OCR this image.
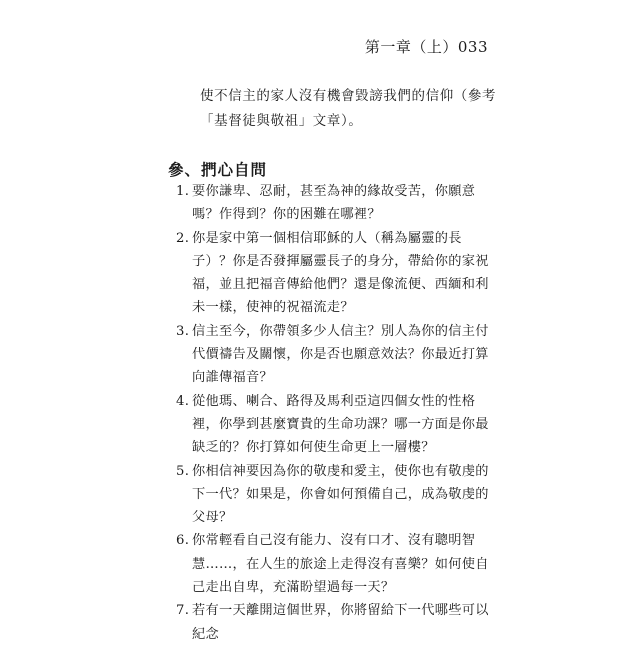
第一章（上）033

使不信主的家人沒有機會毀謗我們的信仰（參考「基督徒與敬祖」文章）。

參、捫心自問
1. 要你謙卑、忍耐，甚至為神的緣故受苦，你願意嗎？作得到？你的困難在哪裡？
2. 你是家中第一個相信耶穌的人（稱為屬靈的長子）？你是否發揮屬靈長子的身分，帶給你的家祝福，並且把福音傳給他們？還是像流便、西緬和利未一樣，使神的祝福流走？
3. 信主至今，你帶領多少人信主？別人為你的信主付代價禱告及關懷，你是否也願意效法？你最近打算向誰傳福音？
4. 從他瑪、喇合、路得及馬利亞這四個女性的性格裡，你學到甚麼寶貴的生命功課？哪一方面是你最缺乏的？你打算如何使生命更上一層樓？
5. 你相信神要因為你的敬虔和愛主，使你也有敬虔的下一代？如果是，你會如何預備自己，成為敬虔的父母？
6. 你常輕看自己沒有能力、沒有口才、沒有聰明智慧……，在人生的旅途上走得沒有喜樂？如何使自己走出自卑，充滿盼望過每一天？
7. 若有一天離開這個世界，你將留給下一代哪些可以紀念
